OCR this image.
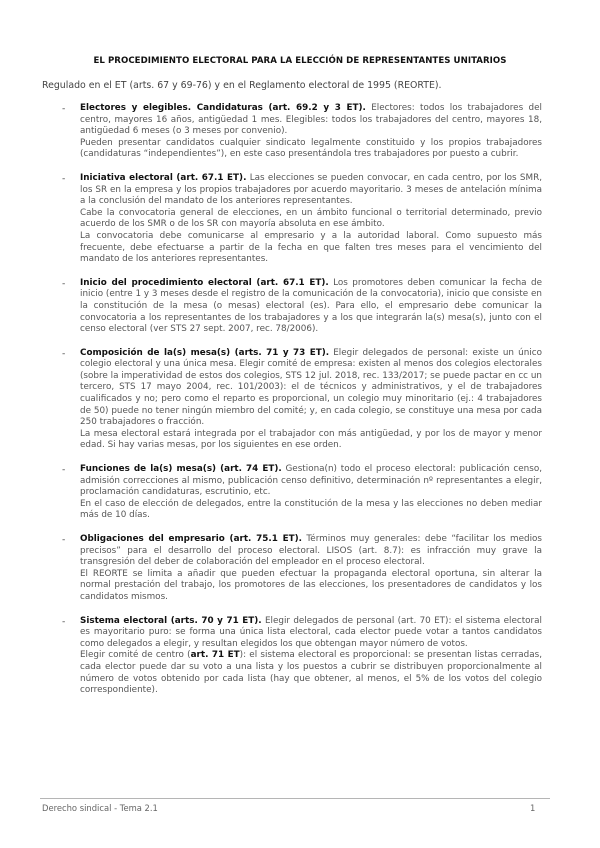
EL PROCEDIMIENTO ELECTORAL PARA LA ELECCIÓN DE REPRESENTANTES UNITARIOS
Regulado en el ET (arts. 67 y 69-76) y en el Reglamento electoral de 1995 (REORTE).
- Electores y elegibles. Candidaturas (art. 69.2 y 3 ET). Electores: todos los trabajadores del centro, mayores 16 años, antigüedad 1 mes. Elegibles: todos los trabajadores del centro, mayores 18, antigüedad 6 meses (o 3 meses por convenio).

Pueden presentar candidatos cualquier sindicato legalmente constituido y los propios trabajadores (candidaturas “independientes”), en este caso presentándola tres trabajadores por puesto a cubrir.

- Iniciativa electoral (art. 67.1 ET). Las elecciones se pueden convocar, en cada centro, por los SMR, los SR en la empresa y los propios trabajadores por acuerdo mayoritario. 3 meses de antelación mínima a la conclusión del mandato de los anteriores representantes.

Cabe la convocatoria general de elecciones, en un ámbito funcional o territorial determinado, previo acuerdo de los SMR o de los SR con mayoría absoluta en ese ámbito.

La convocatoria debe comunicarse al empresario y a la autoridad laboral. Como supuesto más frecuente, debe efectuarse a partir de la fecha en que falten tres meses para el vencimiento del mandato de los anteriores representantes.

- Inicio del procedimiento electoral (art. 67.1 ET). Los promotores deben comunicar la fecha de inicio (entre 1 y 3 meses desde el registro de la comunicación de la convocatoria), inicio que consiste en la constitución de la mesa (o mesas) electoral (es). Para ello, el empresario debe comunicar la convocatoria a los representantes de los trabajadores y a los que integrarán la(s) mesa(s), junto con el censo electoral (ver STS 27 sept. 2007, rec. 78/2006).

- Composición de la(s) mesa(s) (arts. 71 y 73 ET). Elegir delegados de personal: existe un único colegio electoral y una única mesa. Elegir comité de empresa: existen al menos dos colegios electorales (sobre la imperatividad de estos dos colegios, STS 12 jul. 2018, rec. 133/2017; se puede pactar en cc un tercero, STS 17 mayo 2004, rec. 101/2003): el de técnicos y administrativos, y el de trabajadores cualificados y no; pero como el reparto es proporcional, un colegio muy minoritario (ej.: 4 trabajadores de 50) puede no tener ningún miembro del comité; y, en cada colegio, se constituye una mesa por cada 250 trabajadores o fracción.

La mesa electoral estará integrada por el trabajador con más antigüedad, y por los de mayor y menor edad. Si hay varias mesas, por los siguientes en ese orden.

- Funciones de la(s) mesa(s) (art. 74 ET). Gestiona(n) todo el proceso electoral: publicación censo, admisión correcciones al mismo, publicación censo definitivo, determinación nº representantes a elegir, proclamación candidaturas, escrutinio, etc.

En el caso de elección de delegados, entre la constitución de la mesa y las elecciones no deben mediar más de 10 días.

- Obligaciones del empresario (art. 75.1 ET). Términos muy generales: debe “facilitar los medios precisos” para el desarrollo del proceso electoral. LISOS (art. 8.7): es infracción muy grave la transgresión del deber de colaboración del empleador en el proceso electoral.

El REORTE se limita a añadir que pueden efectuar la propaganda electoral oportuna, sin alterar la normal prestación del trabajo, los promotores de las elecciones, los presentadores de candidatos y los candidatos mismos.

- Sistema electoral (arts. 70 y 71 ET). Elegir delegados de personal (art. 70 ET): el sistema electoral es mayoritario puro: se forma una única lista electoral, cada elector puede votar a tantos candidatos como delegados a elegir, y resultan elegidos los que obtengan mayor número de votos.

Elegir comité de centro (art. 71 ET): el sistema electoral es proporcional: se presentan listas cerradas, cada elector puede dar su voto a una lista y los puestos a cubrir se distribuyen proporcionalmente al número de votos obtenido por cada lista (hay que obtener, al menos, el 5% de los votos del colegio correspondiente).

Derecho sindical - Tema 2.1	1
